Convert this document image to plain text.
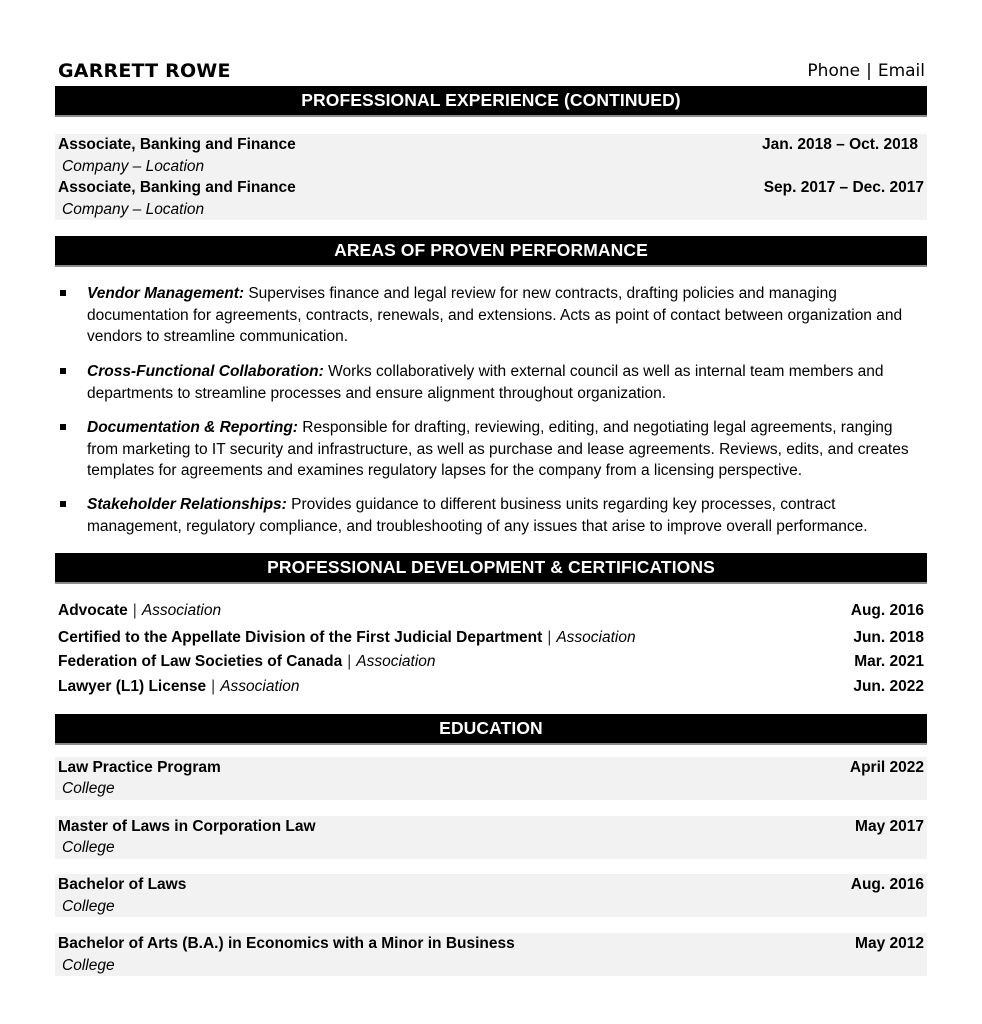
GARRETT ROWE	Phone | Email
PROFESSIONAL EXPERIENCE (CONTINUED)
Associate, Banking and Finance	Jan. 2018 – Oct. 2018
Company – Location
Associate, Banking and Finance	Sep. 2017 – Dec. 2017
Company – Location
AREAS OF PROVEN PERFORMANCE
Vendor Management: Supervises finance and legal review for new contracts, drafting policies and managing documentation for agreements, contracts, renewals, and extensions. Acts as point of contact between organization and vendors to streamline communication.
Cross-Functional Collaboration: Works collaboratively with external council as well as internal team members and departments to streamline processes and ensure alignment throughout organization.
Documentation & Reporting: Responsible for drafting, reviewing, editing, and negotiating legal agreements, ranging from marketing to IT security and infrastructure, as well as purchase and lease agreements. Reviews, edits, and creates templates for agreements and examines regulatory lapses for the company from a licensing perspective.
Stakeholder Relationships: Provides guidance to different business units regarding key processes, contract management, regulatory compliance, and troubleshooting of any issues that arise to improve overall performance.
PROFESSIONAL DEVELOPMENT & CERTIFICATIONS
Advocate | Association	Aug. 2016
Certified to the Appellate Division of the First Judicial Department | Association	Jun. 2018
Federation of Law Societies of Canada | Association	Mar. 2021
Lawyer (L1) License | Association	Jun. 2022
EDUCATION
Law Practice Program	April 2022
College
Master of Laws in Corporation Law	May 2017
College
Bachelor of Laws	Aug. 2016
College
Bachelor of Arts (B.A.) in Economics with a Minor in Business	May 2012
College
